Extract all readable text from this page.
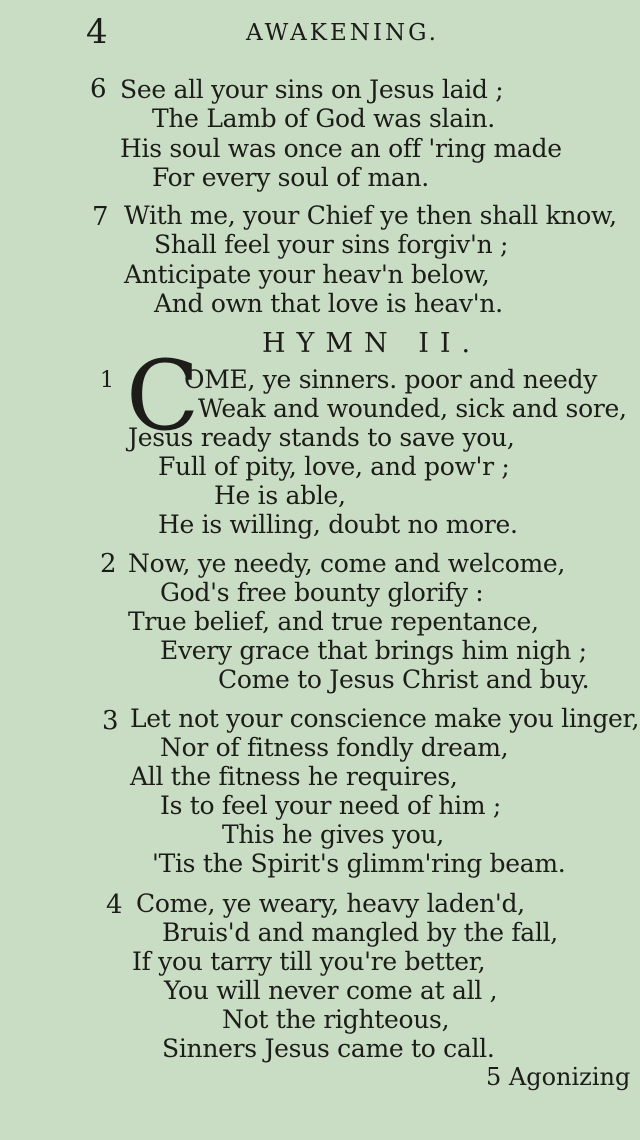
4	AWAKENING.
6 See all your sins on Jesus laid ;
The Lamb of God was slain.
His soul was once an off 'ring made
For every soul of man.
7 With me, your Chief ye then shall know,
Shall feel your sins forgiv'n ;
Anticipate your heav'n below,
And own that love is heav'n.
HYMN II.
1 C
OME, ye sinners. poor and needy
Weak and wounded, sick and sore,
Jesus ready stands to save you,
Full of pity, love, and pow'r ;
He is able,
He is willing, doubt no more.
2 Now, ye needy, come and welcome,
God's free bounty glorify :
True belief, and true repentance,
Every grace that brings him nigh ;
Come to Jesus Christ and buy.
3 Let not your conscience make you linger,
Nor of fitness fondly dream,
All the fitness he requires,
Is to feel your need of him ;
This he gives you,
'Tis the Spirit's glimm'ring beam.
4 Come, ye weary, heavy laden'd,
Bruis'd and mangled by the fall,
If you tarry till you're better,
You will never come at all ,
Not the righteous,
Sinners Jesus came to call.
5 Agonizing
